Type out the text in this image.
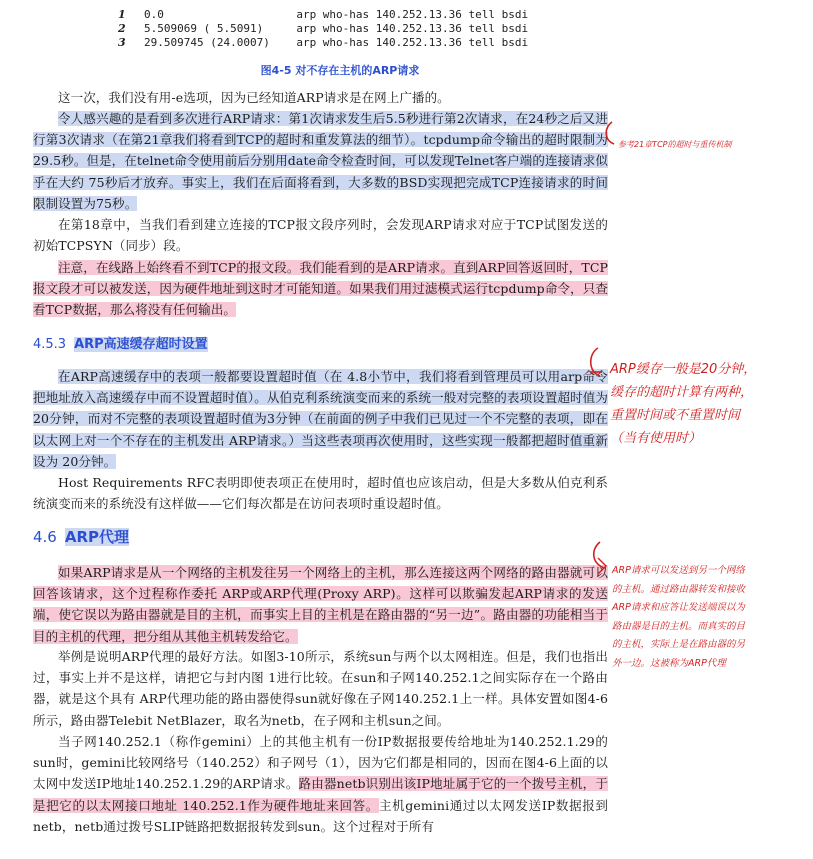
1 0.0                    arp who-has 140.252.13.36 tell bsdi
2 5.509069 ( 5.5091)     arp who-has 140.252.13.36 tell bsdi
3 29.509745 (24.0007)    arp who-has 140.252.13.36 tell bsdi
图4-5 对不存在主机的ARP请求
这一次，我们没有用-e选项，因为已经知道ARP请求是在网上广播的。
令人感兴趣的是看到多次进行ARP请求：第1次请求发生后5.5秒进行第2次请求，在24秒之后又进行第3次请求（在第21章我们将看到TCP的超时和重发算法的细节）。tcpdump命令输出的超时限制为29.5秒。但是，在telnet命令使用前后分别用date命令检查时间，可以发现Telnet客户端的连接请求似乎在大约 75秒后才放弃。事实上，我们在后面将看到，大多数的BSD实现把完成TCP连接请求的时间限制设置为75秒。
在第18章中，当我们看到建立连接的TCP报文段序列时，会发现ARP请求对应于TCP试图发送的初始TCPSYN（同步）段。
注意，在线路上始终看不到TCP的报文段。我们能看到的是ARP请求。直到ARP回答返回时，TCP报文段才可以被发送，因为硬件地址到这时才可能知道。如果我们用过滤模式运行tcpdump命令，只查看TCP数据，那么将没有任何输出。
4.5.3 ARP高速缓存超时设置
在ARP高速缓存中的表项一般都要设置超时值（在 4.8小节中，我们将看到管理员可以用arp命令把地址放入高速缓存中而不设置超时值）。从伯克利系统演变而来的系统一般对完整的表项设置超时值为20分钟，而对不完整的表项设置超时值为3分钟（在前面的例子中我们已见过一个不完整的表项，即在以太网上对一个不存在的主机发出 ARP请求。）当这些表项再次使用时，这些实现一般都把超时值重新设为 20分钟。
Host Requirements RFC表明即使表项正在使用时，超时值也应该启动，但是大多数从伯克利系统演变而来的系统没有这样做——它们每次都是在访问表项时重设超时值。
4.6 ARP代理
如果ARP请求是从一个网络的主机发往另一个网络上的主机，那么连接这两个网络的路由器就可以回答该请求，这个过程称作委托 ARP或ARP代理(Proxy ARP)。这样可以欺骗发起ARP请求的发送端，使它误以为路由器就是目的主机，而事实上目的主机是在路由器的“另一边”。路由器的功能相当于目的主机的代理，把分组从其他主机转发给它。
举例是说明ARP代理的最好方法。如图3-10所示，系统sun与两个以太网相连。但是，我们也指出过，事实上并不是这样，请把它与封内图 1进行比较。在sun和子网140.252.1之间实际存在一个路由器，就是这个具有 ARP代理功能的路由器使得sun就好像在子网140.252.1上一样。具体安置如图4-6所示，路由器Telebit NetBlazer，取名为netb，在子网和主机sun之间。
当子网140.252.1（称作gemini）上的其他主机有一份IP数据报要传给地址为140.252.1.29的sun时，gemini比较网络号（140.252）和子网号（1），因为它们都是相同的，因而在图4-6上面的以太网中发送IP地址140.252.1.29的ARP请求。路由器netb识别出该IP地址属于它的一个拨号主机，于是把它的以太网接口地址 140.252.1作为硬件地址来回答。主机gemini通过以太网发送IP数据报到netb，netb通过拨号SLIP链路把数据报转发到sun。这个过程对于所有
参考21章TCP的超时与重传机制
ARP缓存一般是20分钟，
缓存的超时计算有两种，
重置时间或不重置时间
（当有使用时）
ARP请求可以发送到另一个网络
的主机。通过路由器转发和接收
ARP请求和应答让发送端误以为
路由器是目的主机。而真实的目
的主机，实际上是在路由器的另
外一边。这被称为ARP代理
